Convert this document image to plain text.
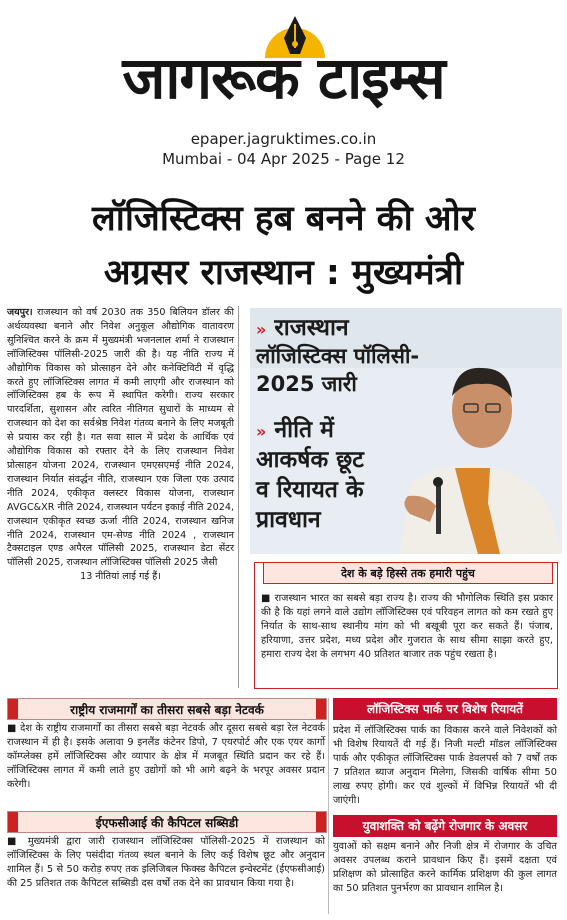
जागरूक टाइम्स
epaper.jagruktimes.co.in
Mumbai - 04 Apr 2025 - Page 12
लॉजिस्टिक्स हब बनने की ओर
अग्रसर राजस्थान : मुख्यमंत्री
जयपुर। राजस्थान को वर्ष 2030 तक 350 बिलियन डॉलर की अर्थव्यवस्था बनाने और निवेश अनुकूल औद्योगिक वातावरण सुनिश्चित करने के क्रम में मुख्यमंत्री भजनलाल शर्मा ने राजस्थान लॉजिस्टिक्स पॉलिसी-2025 जारी की है। यह नीति राज्य में औद्योगिक विकास को प्रोत्साहन देने और कनेक्टिविटी में वृद्धि करते हुए लॉजिस्टिक्स लागत में कमी लाएगी और राजस्थान को लॉजिस्टिक्स हब के रूप में स्थापित करेगी। राज्य सरकार पारदर्शिता, सुशासन और त्वरित नीतिगत सुधारों के माध्यम से राजस्थान को देश का सर्वश्रेष्ठ निवेश गंतव्य बनाने के लिए मजबूती से प्रयास कर रही है। गत सवा साल में प्रदेश के आर्थिक एवं औद्योगिक विकास को रफ्तार देने के लिए राजस्थान निवेश प्रोत्साहन योजना 2024, राजस्थान एमएसएमई नीति 2024, राजस्थान निर्यात संवर्द्धन नीति, राजस्थान एक जिला एक उत्पाद नीति 2024, एकीकृत क्लस्टर विकास योजना, राजस्थान AVGC&XR नीति 2024, राजस्थान पर्यटन इकाई नीति 2024, राजस्थान एकीकृत स्वच्छ ऊर्जा नीति 2024, राजस्थान खनिज नीति 2024, राजस्थान एम-सेण्ड नीति 2024 , राजस्थान टैक्सटाइल एण्ड अपैरल पॉलिसी 2025, राजस्थान डेटा सेंटर पॉलिसी 2025, राजस्थान लॉजिस्टिक्स पॉलिसी 2025 जैसी
13 नीतियां लाई गई हैं।
» राजस्थान
लॉजिस्टिक्स पॉलिसी-
2025 जारी
» नीति में
आकर्षक छूट
व रियायत के
प्रावधान
देश के बड़े हिस्से तक हमारी पहुंच
■ राजस्थान भारत का सबसे बड़ा राज्य है। राज्य की भौगोलिक स्थिति इस प्रकार की है कि यहां लगने वाले उद्योग लॉजिस्टिक्स एवं परिवहन लागत को कम रखते हुए निर्यात के साथ-साथ स्थानीय मांग को भी बखूबी पूरा कर सकते हैं। पंजाब, हरियाणा, उत्तर प्रदेश, मध्य प्रदेश और गुजरात के साथ सीमा साझा करते हुए, हमारा राज्य देश के लगभग 40 प्रतिशत बाजार तक पहुंच रखता है।
राष्ट्रीय राजमार्गों का तीसरा सबसे बड़ा नेटवर्क
■ देश के राष्ट्रीय राजमार्गों का तीसरा सबसे बड़ा नेटवर्क और दूसरा सबसे बड़ा रेल नेटवर्क राजस्थान में ही है। इसके अलावा 9 इनलैंड कंटेनर डिपो, 7 एयरपोर्ट और एक एयर कार्गो कॉम्प्लेक्स हमें लॉजिस्टिक्स और व्यापार के क्षेत्र में मजबूत स्थिति प्रदान कर रहे हैं। लॉजिस्टिक्स लागत में कमी लाते हुए उद्योगों को भी आगे बढ़ने के भरपूर अवसर प्रदान करेगी।
ईएफसीआई की कैपिटल सब्सिडी
■ मुख्यमंत्री द्वारा जारी राजस्थान लॉजिस्टिक्स पॉलिसी-2025 में राजस्थान को लॉजिस्टिक्स के लिए पसंदीदा गंतव्य स्थल बनाने के लिए कई विशेष छूट और अनुदान शामिल हैं। 5 से 50 करोड़ रुपए तक इलिजिबल फिक्स्ड कैपिटल इन्वेस्टमेंट (ईएफसीआई) की 25 प्रतिशत तक कैपिटल सब्सिडी दस वर्षों तक देने का प्रावधान किया गया है।
लॉजिस्टिक्स पार्क पर विशेष रियायतें
प्रदेश में लॉजिस्टिक्स पार्क का विकास करने वाले निवेशकों को भी विशेष रियायतें दी गई हैं। निजी मल्टी मॉडल लॉजिस्टिक्स पार्क और एकीकृत लॉजिस्टिक्स पार्क डेवलपर्स को 7 वर्षों तक 7 प्रतिशत ब्याज अनुदान मिलेगा, जिसकी वार्षिक सीमा 50 लाख रुपए होगी। कर एवं शुल्कों में विभिन्न रियायतें भी दी जाएंगी।
युवाशक्ति को बढ़ेंगे रोजगार के अवसर
युवाओं को सक्षम बनाने और निजी क्षेत्र में रोजगार के उचित अवसर उपलब्ध कराने प्रावधान किए हैं। इसमें दक्षता एवं प्रशिक्षण को प्रोत्साहित करने कार्मिक प्रशिक्षण की कुल लागत का 50 प्रतिशत पुनर्भरण का प्रावधान शामिल है।
